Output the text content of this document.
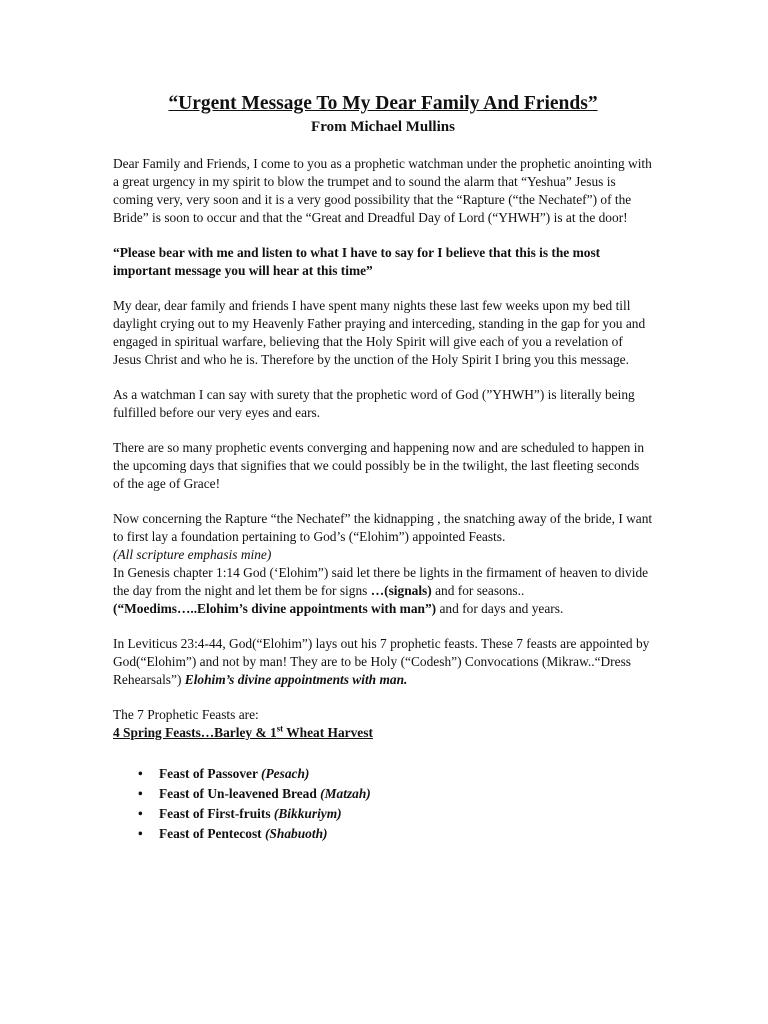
“Urgent Message To My Dear Family And Friends”

From Michael Mullins

Dear Family and Friends, I come to you as a prophetic watchman under the prophetic anointing with a great urgency in my spirit to blow the trumpet and to sound the alarm that “Yeshua” Jesus is coming very, very soon and it is a very good possibility that the “Rapture (“the Nechatef”) of the Bride” is soon to occur and that the “Great and Dreadful Day of Lord (“YHWH”) is at the door!

“Please bear with me and listen to what I have to say for I believe that this is the most important message you will hear at this time”

My dear, dear family and friends I have spent many nights these last few weeks upon my bed till daylight crying out to my Heavenly Father praying and interceding, standing in the gap for you and engaged in spiritual warfare, believing that the Holy Spirit will give each of you a revelation of Jesus Christ and who he is. Therefore by the unction of the Holy Spirit I bring you this message.

As a watchman I can say with surety that the prophetic word of God (”YHWH”) is literally being fulfilled before our very eyes and ears.

There are so many prophetic events converging and happening now and are scheduled to happen in the upcoming days that signifies that we could possibly be in the twilight, the last fleeting seconds of the age of Grace!

Now concerning the Rapture “the Nechatef” the kidnapping , the snatching away of the bride, I want to first lay a foundation pertaining to God’s (“Elohim”) appointed Feasts.
(All scripture emphasis mine)

In Genesis chapter 1:14 God (‘Elohim”) said let there be lights in the firmament of heaven to divide the day from the night and let them be for signs …(signals) and for seasons..(“Moedims…..Elohim’s divine appointments with man”) and for days and years.

In Leviticus 23:4-44, God(“Elohim”) lays out his 7 prophetic feasts. These 7 feasts are appointed by God(“Elohim”) and not by man! They are to be Holy (“Codesh”) Convocations (Mikraw..“Dress Rehearsals”) Elohim’s divine appointments with man.

The 7 Prophetic Feasts are:

4 Spring Feasts…Barley & 1st Wheat Harvest

• Feast of Passover (Pesach)
• Feast of Un-leavened Bread (Matzah)
• Feast of First-fruits (Bikkuriym)
• Feast of Pentecost (Shabuoth)
